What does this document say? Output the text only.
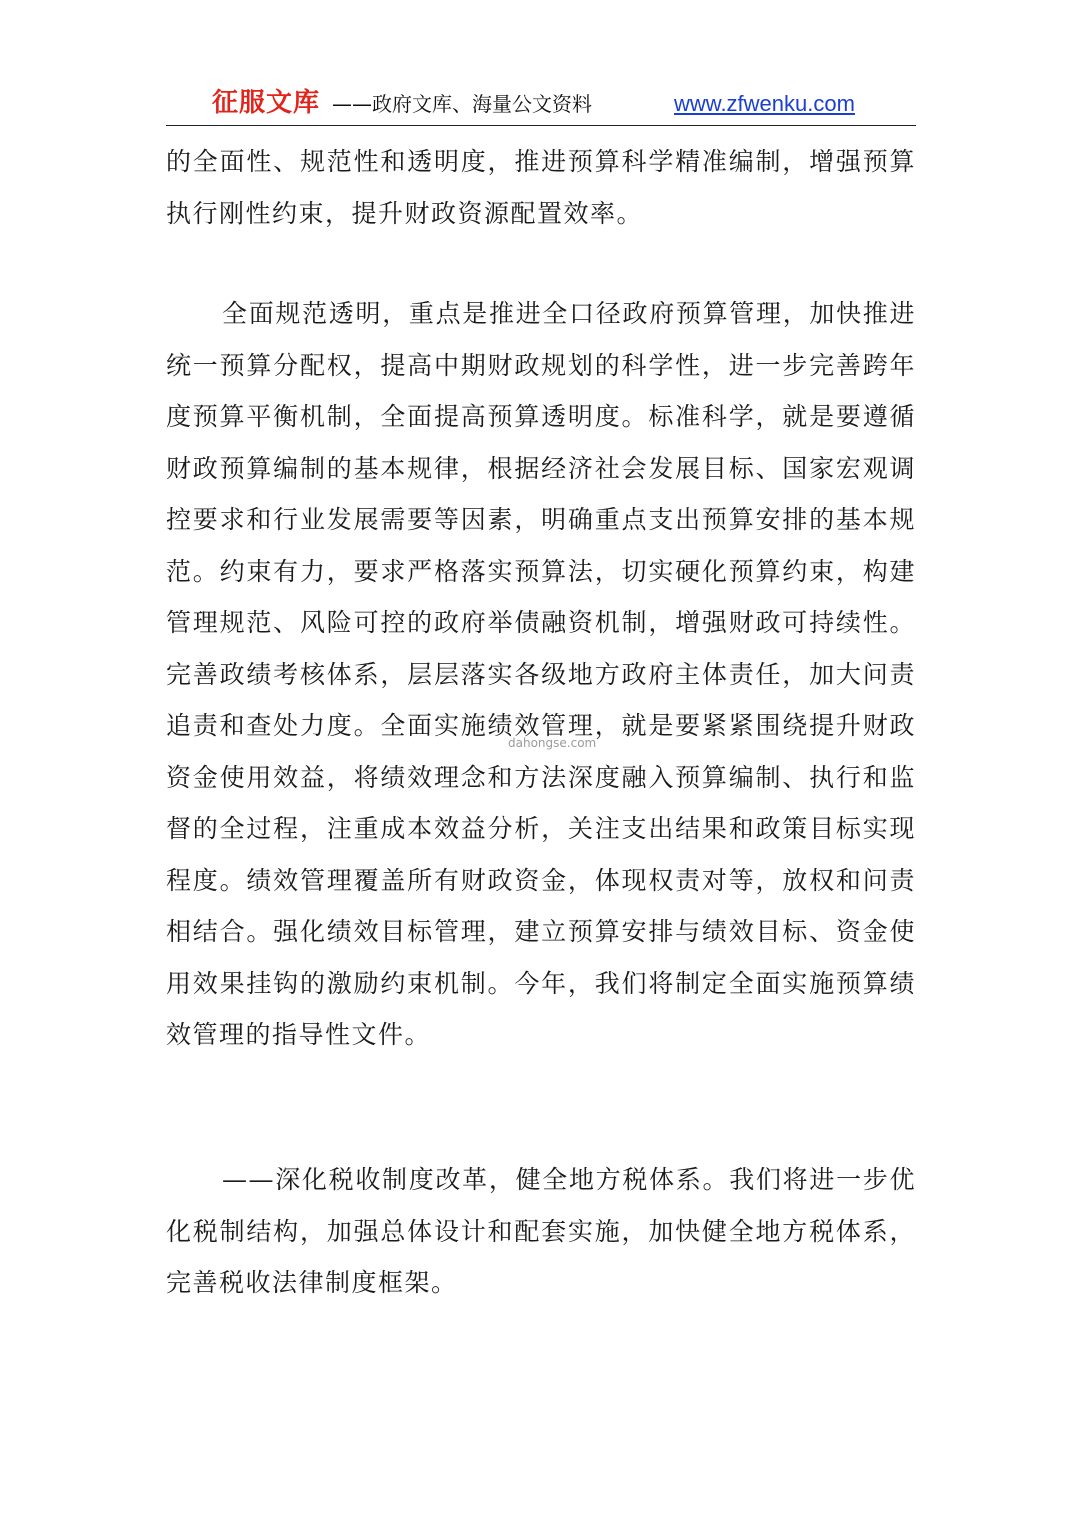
征服文库 ——政府文库、海量公文资料	www.zfwenku.com

的全面性、规范性和透明度，推进预算科学精准编制，增强预算执行刚性约束，提升财政资源配置效率。

全面规范透明，重点是推进全口径政府预算管理，加快推进统一预算分配权，提高中期财政规划的科学性，进一步完善跨年度预算平衡机制，全面提高预算透明度。标准科学，就是要遵循财政预算编制的基本规律，根据经济社会发展目标、国家宏观调控要求和行业发展需要等因素，明确重点支出预算安排的基本规范。约束有力，要求严格落实预算法，切实硬化预算约束，构建管理规范、风险可控的政府举债融资机制，增强财政可持续性。完善政绩考核体系，层层落实各级地方政府主体责任，加大问责追责和查处力度。全面实施绩效管理，就是要紧紧围绕提升财政资金使用效益，将绩效理念和方法深度融入预算编制、执行和监督的全过程，注重成本效益分析，关注支出结果和政策目标实现程度。绩效管理覆盖所有财政资金，体现权责对等，放权和问责相结合。强化绩效目标管理，建立预算安排与绩效目标、资金使用效果挂钩的激励约束机制。今年，我们将制定全面实施预算绩效管理的指导性文件。

dahongse.com

——深化税收制度改革，健全地方税体系。我们将进一步优化税制结构，加强总体设计和配套实施，加快健全地方税体系，完善税收法律制度框架。
